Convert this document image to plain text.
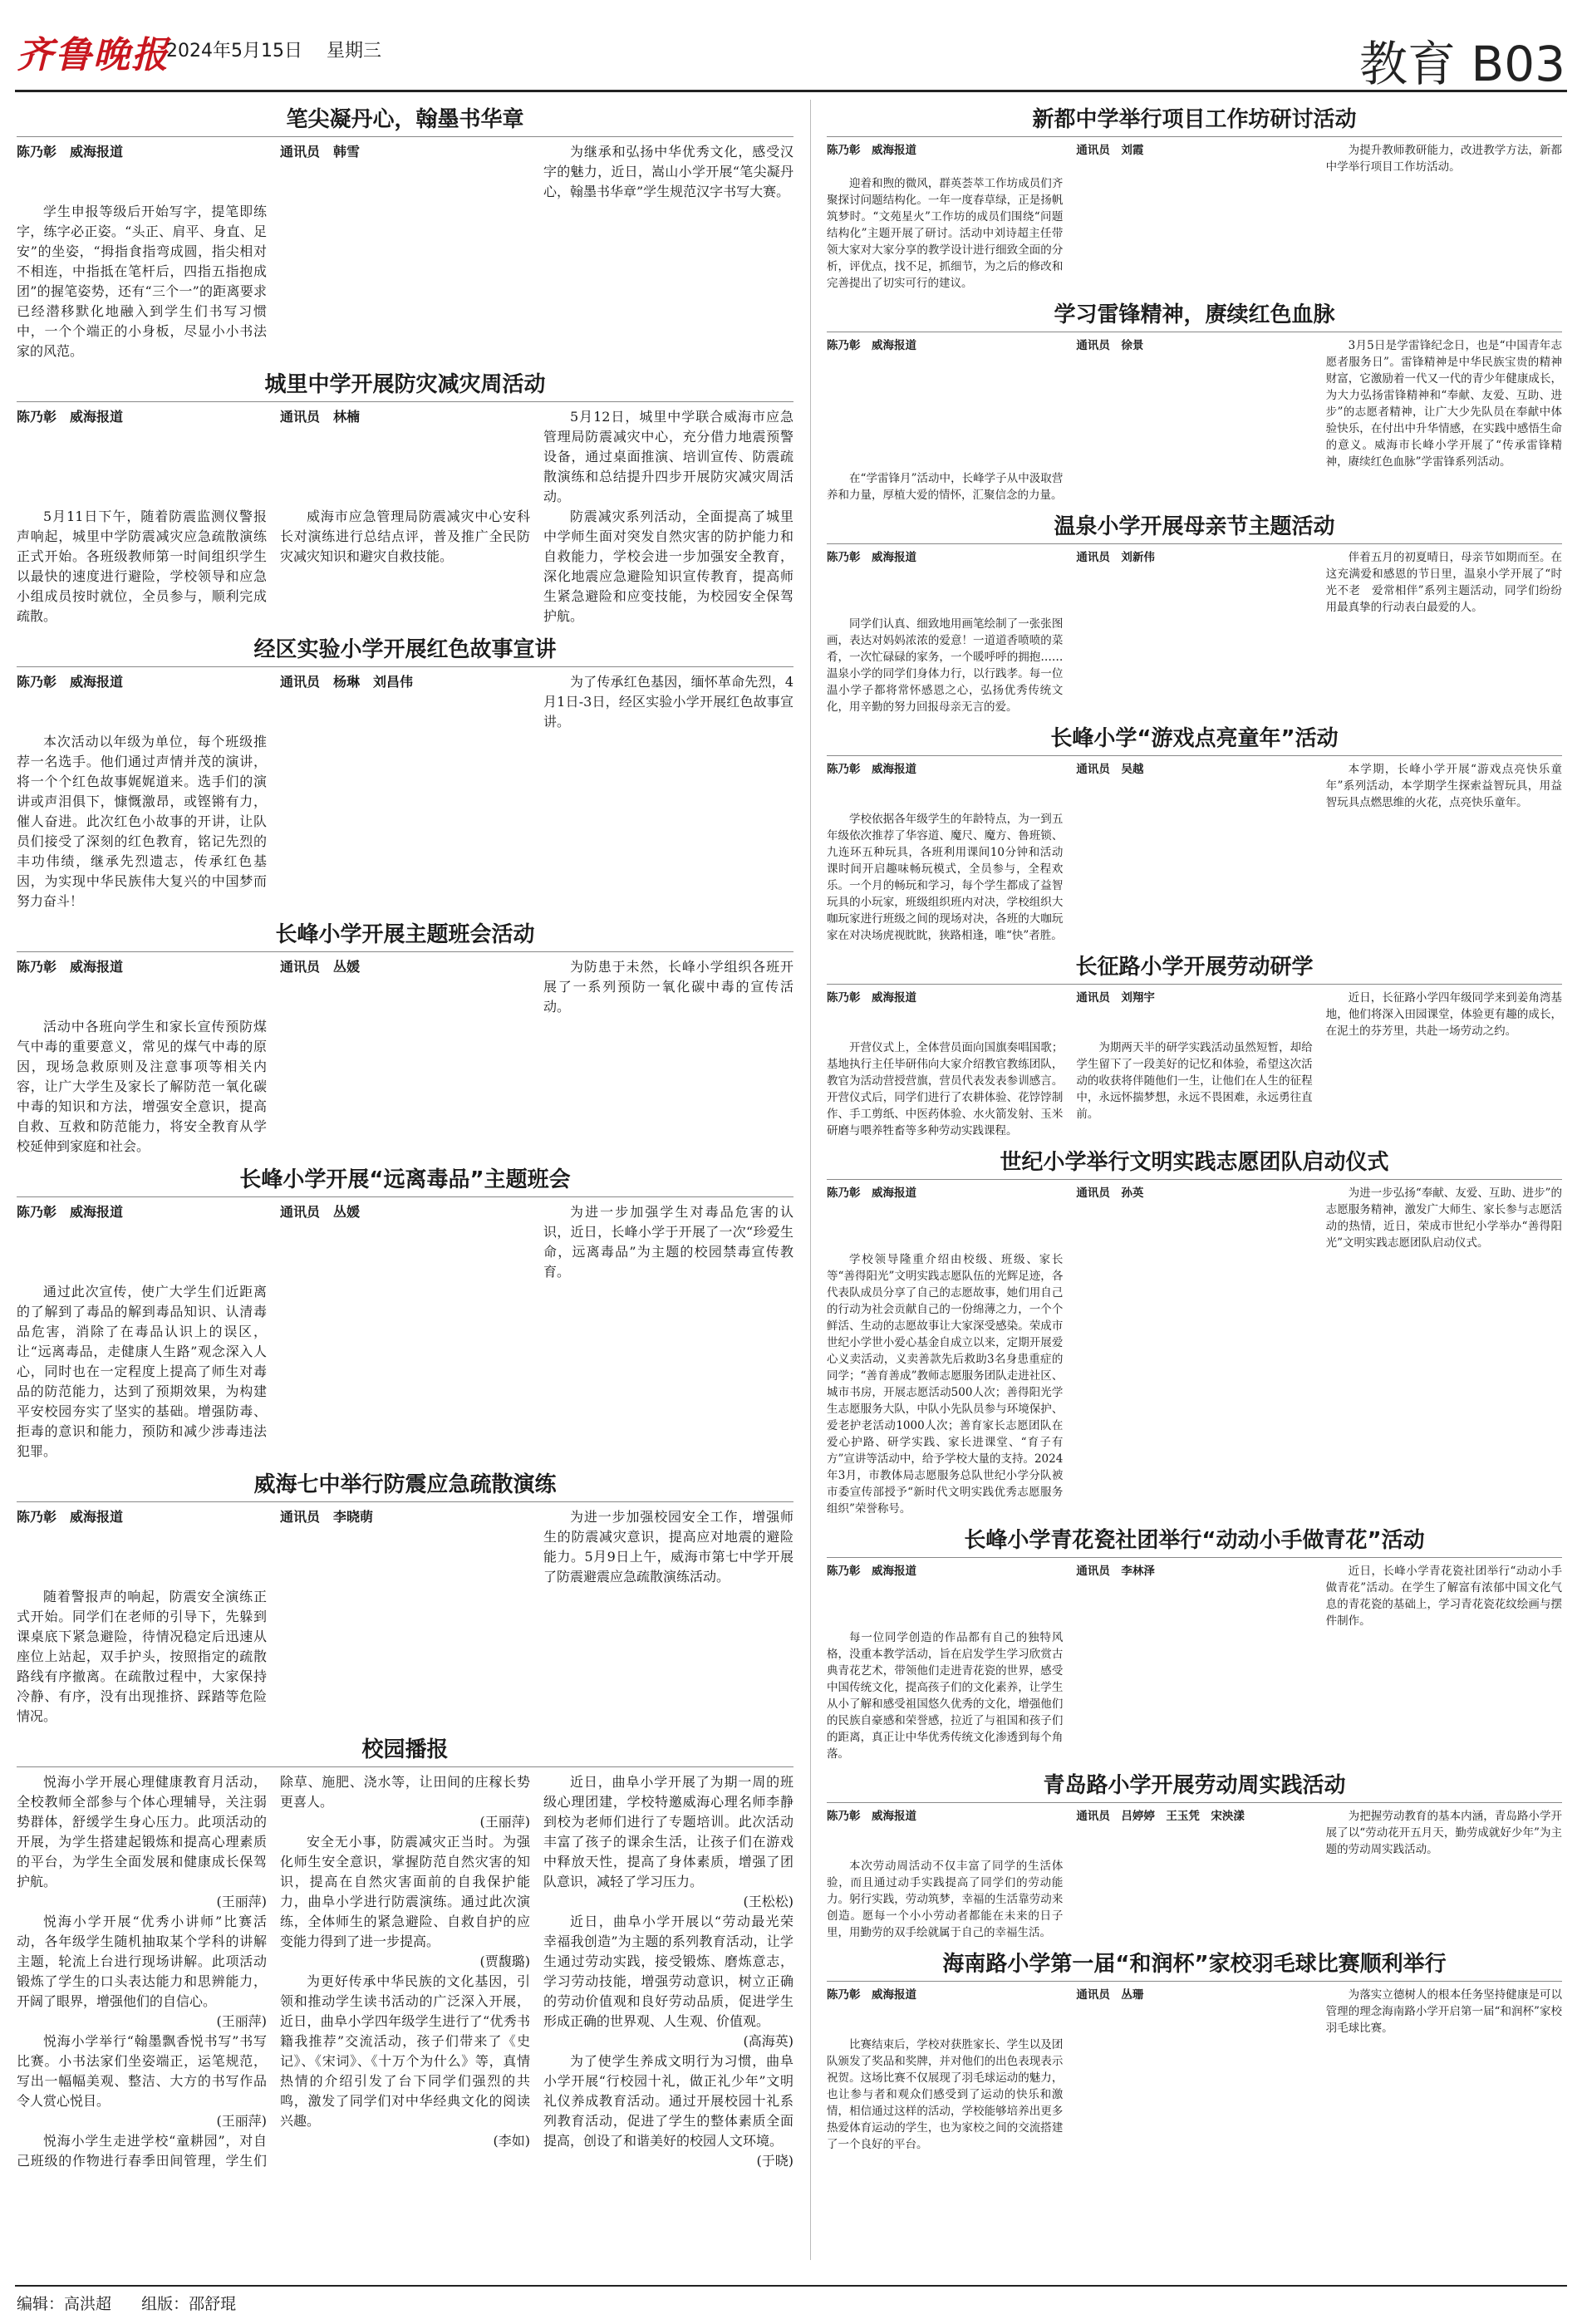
齐鲁晚报
2024年5月15日 星期三	教育 B03
笔尖凝丹心，翰墨书华章
陈乃彰　威海报道	通讯员　韩雪	为继承和弘扬中华优秀文化，感受汉字的魅力，近日，嵩山小学开展“笔尖凝丹心，翰墨书华章”学生规范汉字书写大赛。

学生申报等级后开始写字，提笔即练字，练字必正姿。“头正、肩平、身直、足安”的坐姿，“拇指食指弯成圆，指尖相对不相连，中指抵在笔杆后，四指五指抱成团”的握笔姿势，还有“三个一”的距离要求已经潜移默化地融入到学生们书写习惯中，一个个端正的小身板，尽显小小书法家的风范。

城里中学开展防灾减灾周活动
陈乃彰　威海报道	通讯员　林楠	5月12日，城里中学联合威海市应急管理局防震减灾中心，充分借力地震预警设备，通过桌面推演、培训宣传、防震疏散演练和总结提升四步开展防灾减灾周活动。

5月11日下午，随着防震监测仪警报声响起，城里中学防震减灾应急疏散演练正式开始。各班级教师第一时间组织学生以最快的速度进行避险，学校领导和应急小组成员按时就位，全员参与，顺利完成疏散。

威海市应急管理局防震减灾中心安科长对演练进行总结点评，普及推广全民防灾减灾知识和避灾自救技能。

防震减灾系列活动，全面提高了城里中学师生面对突发自然灾害的防护能力和自救能力，学校会进一步加强安全教育，深化地震应急避险知识宣传教育，提高师生紧急避险和应变技能，为校园安全保驾护航。

经区实验小学开展红色故事宣讲
陈乃彰　威海报道	通讯员　杨琳　刘昌伟	为了传承红色基因，缅怀革命先烈，4月1日-3日，经区实验小学开展红色故事宣讲。

本次活动以年级为单位，每个班级推荐一名选手。他们通过声情并茂的演讲，将一个个红色故事娓娓道来。选手们的演讲或声泪俱下，慷慨激昂，或铿锵有力，催人奋进。此次红色小故事的开讲，让队员们接受了深刻的红色教育，铭记先烈的丰功伟绩，继承先烈遗志，传承红色基因，为实现中华民族伟大复兴的中国梦而努力奋斗！

长峰小学开展主题班会活动
陈乃彰　威海报道	通讯员　丛媛	为防患于未然，长峰小学组织各班开展了一系列预防一氧化碳中毒的宣传活动。

活动中各班向学生和家长宣传预防煤气中毒的重要意义，常见的煤气中毒的原因，现场急救原则及注意事项等相关内容，让广大学生及家长了解防范一氧化碳中毒的知识和方法，增强安全意识，提高自救、互救和防范能力，将安全教育从学校延伸到家庭和社会。

长峰小学开展“远离毒品”主题班会
陈乃彰　威海报道	通讯员　丛媛	为进一步加强学生对毒品危害的认识，近日，长峰小学于开展了一次“珍爱生命，远离毒品”为主题的校园禁毒宣传教育。

通过此次宣传，使广大学生们近距离的了解到了毒品的解到毒品知识、认清毒品危害，消除了在毒品认识上的误区，让“远离毒品，走健康人生路”观念深入人心，同时也在一定程度上提高了师生对毒品的防范能力，达到了预期效果，为构建平安校园夯实了坚实的基础。增强防毒、拒毒的意识和能力，预防和减少涉毒违法犯罪。

威海七中举行防震应急疏散演练
陈乃彰　威海报道	通讯员　李晓萌	为进一步加强校园安全工作，增强师生的防震减灾意识，提高应对地震的避险能力。5月9日上午，威海市第七中学开展了防震避震应急疏散演练活动。

随着警报声的响起，防震安全演练正式开始。同学们在老师的引导下，先躲到课桌底下紧急避险，待情况稳定后迅速从座位上站起，双手护头，按照指定的疏散路线有序撤离。在疏散过程中，大家保持冷静、有序，没有出现推挤、踩踏等危险情况。

校园播报

悦海小学开展心理健康教育月活动，全校教师全部参与个体心理辅导，关注弱势群体，舒缓学生身心压力。此项活动的开展，为学生搭建起锻炼和提高心理素质的平台，为学生全面发展和健康成长保驾护航。

(王丽萍)

悦海小学开展“优秀小讲师”比赛活动，各年级学生随机抽取某个学科的讲解主题，轮流上台进行现场讲解。此项活动锻炼了学生的口头表达能力和思辨能力，开阔了眼界，增强他们的自信心。

(王丽萍)

悦海小学举行“翰墨飘香悦书写”书写比赛。小书法家们坐姿端正，运笔规范，写出一幅幅美观、整洁、大方的书写作品令人赏心悦目。

(王丽萍)

悦海小学生走进学校“童耕园”，对自己班级的作物进行春季田间管理，学生们除草、施肥、浇水等，让田间的庄稼长势更喜人。

(王丽萍)

安全无小事，防震减灾正当时。为强化师生安全意识，掌握防范自然灾害的知识，提高在自然灾害面前的自我保护能力，曲阜小学进行防震演练。通过此次演练，全体师生的紧急避险、自救自护的应变能力得到了进一步提高。

(贾馥璐)

为更好传承中华民族的文化基因，引领和推动学生读书活动的广泛深入开展，近日，曲阜小学四年级学生进行了“优秀书籍我推荐”交流活动，孩子们带来了《史记》、《宋词》、《十万个为什么》等，真情热情的介绍引发了台下同学们强烈的共鸣，激发了同学们对中华经典文化的阅读兴趣。

(李如)

近日，曲阜小学开展了为期一周的班级心理团建，学校特邀威海心理名师李静到校为老师们进行了专题培训。此次活动丰富了孩子的课余生活，让孩子们在游戏中释放天性，提高了身体素质，增强了团队意识，减轻了学习压力。

(王松松)

近日，曲阜小学开展以“劳动最光荣　幸福我创造”为主题的系列教育活动，让学生通过劳动实践，接受锻炼、磨炼意志，学习劳动技能，增强劳动意识，树立正确的劳动价值观和良好劳动品质，促进学生形成正确的世界观、人生观、价值观。

(高海英)

为了使学生养成文明行为习惯，曲阜小学开展“行校园十礼，做正礼少年”文明礼仪养成教育活动。通过开展校园十礼系列教育活动，促进了学生的整体素质全面提高，创设了和谐美好的校园人文环境。

(于晓)
新都中学举行项目工作坊研讨活动
陈乃彰　威海报道	通讯员　刘霞	为提升教师教研能力，改进教学方法，新都中学举行项目工作坊活动。

迎着和煦的微风，群英荟萃工作坊成员们齐聚探讨问题结构化。一年一度春草绿，正是扬帆筑梦时。“文苑星火”工作坊的成员们围绕“问题结构化”主题开展了研讨。活动中刘诗超主任带领大家对大家分享的教学设计进行细致全面的分析，评优点，找不足，抓细节，为之后的修改和完善提出了切实可行的建议。

学习雷锋精神，赓续红色血脉
陈乃彰　威海报道	通讯员　徐景	3月5日是学雷锋纪念日，也是“中国青年志愿者服务日”。雷锋精神是中华民族宝贵的精神财富，它激励着一代又一代的青少年健康成长，为大力弘扬雷锋精神和“奉献、友爱、互助、进步”的志愿者精神，让广大少先队员在奉献中体验快乐，在付出中升华情感，在实践中感悟生命的意义。威海市长峰小学开展了“传承雷锋精神，赓续红色血脉”学雷锋系列活动。

在“学雷锋月”活动中，长峰学子从中汲取营养和力量，厚植大爱的情怀，汇聚信念的力量。

温泉小学开展母亲节主题活动
陈乃彰　威海报道	通讯员　刘新伟	伴着五月的初夏晴日，母亲节如期而至。在这充满爱和感恩的节日里，温泉小学开展了“时光不老　爱常相伴”系列主题活动，同学们纷纷用最真挚的行动表白最爱的人。

同学们认真、细致地用画笔绘制了一张张图画，表达对妈妈浓浓的爱意！一道道香喷喷的菜肴，一次忙碌碌的家务，一个暖呼呼的拥抱……温泉小学的同学们身体力行，以行践孝。每一位温小学子都将常怀感恩之心，弘扬优秀传统文化，用辛勤的努力回报母亲无言的爱。

长峰小学“游戏点亮童年”活动
陈乃彰　威海报道	通讯员　吴越	本学期，长峰小学开展“游戏点亮快乐童年”系列活动，本学期学生探索益智玩具，用益智玩具点燃思维的火花，点亮快乐童年。

学校依据各年级学生的年龄特点，为一到五年级依次推荐了华容道、魔尺、魔方、鲁班锁、九连环五种玩具，各班利用课间10分钟和活动课时间开启趣味畅玩模式，全员参与，全程欢乐。一个月的畅玩和学习，每个学生都成了益智玩具的小玩家，班级组织班内对决，学校组织大咖玩家进行班级之间的现场对决，各班的大咖玩家在对决场虎视眈眈，狭路相逢，唯“快”者胜。

长征路小学开展劳动研学
陈乃彰　威海报道	通讯员　刘翔宇	近日，长征路小学四年级同学来到姜角湾基地，他们将深入田园课堂，体验更有趣的成长，在泥土的芬芳里，共赴一场劳动之约。

开营仪式上，全体营员面向国旗奏唱国歌；基地执行主任毕研伟向大家介绍教官教练团队，教官为活动营授营旗，营员代表发表参训感言。开营仪式后，同学们进行了农耕体验、花饽饽制作、手工剪纸、中医药体验、水火箭发射、玉米研磨与喂养牲畜等多种劳动实践课程。

为期两天半的研学实践活动虽然短暂，却给学生留下了一段美好的记忆和体验，希望这次活动的收获将伴随他们一生，让他们在人生的征程中，永远怀揣梦想，永远不畏困难，永远勇往直前。

世纪小学举行文明实践志愿团队启动仪式
陈乃彰　威海报道	通讯员　孙英	为进一步弘扬“奉献、友爱、互助、进步”的志愿服务精神，激发广大师生、家长参与志愿活动的热情，近日，荣成市世纪小学举办“善得阳光”文明实践志愿团队启动仪式。

学校领导隆重介绍由校级、班级、家长等“善得阳光”文明实践志愿队伍的光辉足迹，各代表队成员分享了自己的志愿故事，她们用自己的行动为社会贡献自己的一份绵薄之力，一个个鲜活、生动的志愿故事让大家深受感染。荣成市世纪小学世小爱心基金自成立以来，定期开展爱心义卖活动，义卖善款先后救助3名身患重症的同学；“善育善成”教师志愿服务团队走进社区、城市书房，开展志愿活动500人次；善得阳光学生志愿服务大队，中队小先队员参与环境保护、爱老护老活动1000人次；善育家长志愿团队在爱心护路、研学实践、家长进课堂、“育子有方”宣讲等活动中，给予学校大量的支持。2024年3月，市教体局志愿服务总队世纪小学分队被市委宣传部授予“新时代文明实践优秀志愿服务组织”荣誉称号。

长峰小学青花瓷社团举行“动动小手做青花”活动
陈乃彰　威海报道	通讯员　李林泽	近日，长峰小学青花瓷社团举行“动动小手做青花”活动。在学生了解富有浓郁中国文化气息的青花瓷的基础上，学习青花瓷花纹绘画与摆件制作。

每一位同学创造的作品都有自己的独特风格，没重本教学活动，旨在启发学生学习欣赏古典青花艺术，带领他们走进青花瓷的世界，感受中国传统文化，提高孩子们的文化素养，让学生从小了解和感受祖国悠久优秀的文化，增强他们的民族自豪感和荣誉感，拉近了与祖国和孩子们的距离，真正让中华优秀传统文化渗透到每个角落。

青岛路小学开展劳动周实践活动
陈乃彰　威海报道	通讯员　吕婷婷　王玉凭　宋泱漾	为把握劳动教育的基本内涵，青岛路小学开展了以“劳动花开五月天，勤劳成就好少年”为主题的劳动周实践活动。

本次劳动周活动不仅丰富了同学的生活体验，而且通过动手实践提高了同学们的劳动能力。躬行实践，劳动筑梦，幸福的生活靠劳动来创造。愿每一个小小劳动者都能在未来的日子里，用勤劳的双手绘就属于自己的幸福生活。

海南路小学第一届“和润杯”家校羽毛球比赛顺利举行
陈乃彰　威海报道	通讯员　丛珊	为落实立德树人的根本任务坚持健康是可以管理的理念海南路小学开启第一届“和润杯”家校羽毛球比赛。

比赛结束后，学校对获胜家长、学生以及团队颁发了奖品和奖牌，并对他们的出色表现表示祝贺。这场比赛不仅展现了羽毛球运动的魅力，也让参与者和观众们感受到了运动的快乐和激情，相信通过这样的活动，学校能够培养出更多热爱体育运动的学生，也为家校之间的交流搭建了一个良好的平台。

编辑：高洪超 组版：邵舒琨
